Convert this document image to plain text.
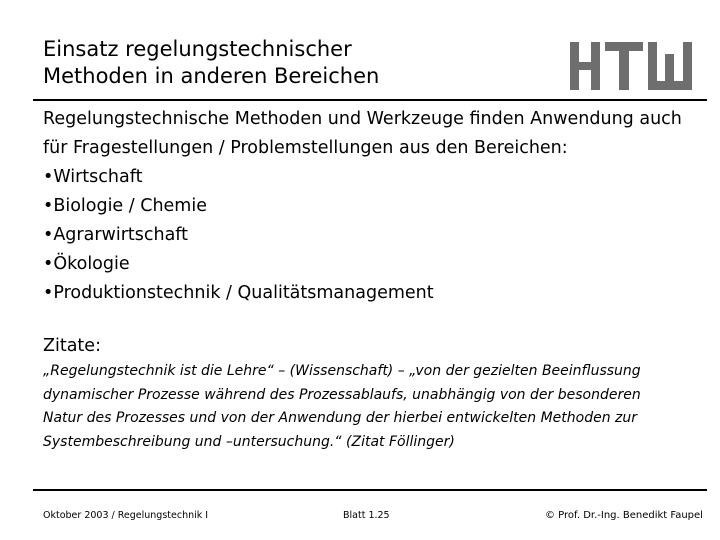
Einsatz regelungstechnischer
Methoden in anderen Bereichen
Regelungstechnische Methoden und Werkzeuge finden Anwendung auch
für Fragestellungen / Problemstellungen aus den Bereichen:
•Wirtschaft
•Biologie / Chemie
•Agrarwirtschaft
•Ökologie
•Produktionstechnik / Qualitätsmanagement
Zitate:
„Regelungstechnik ist die Lehre“ – (Wissenschaft) – „von der gezielten Beeinflussung
dynamischer Prozesse während des Prozessablaufs, unabhängig von der besonderen
Natur des Prozesses und von der Anwendung der hierbei entwickelten Methoden zur
Systembeschreibung und –untersuchung.“ (Zitat Föllinger)
Oktober 2003 / Regelungstechnik I	Blatt 1.25	© Prof. Dr.-Ing. Benedikt Faupel
